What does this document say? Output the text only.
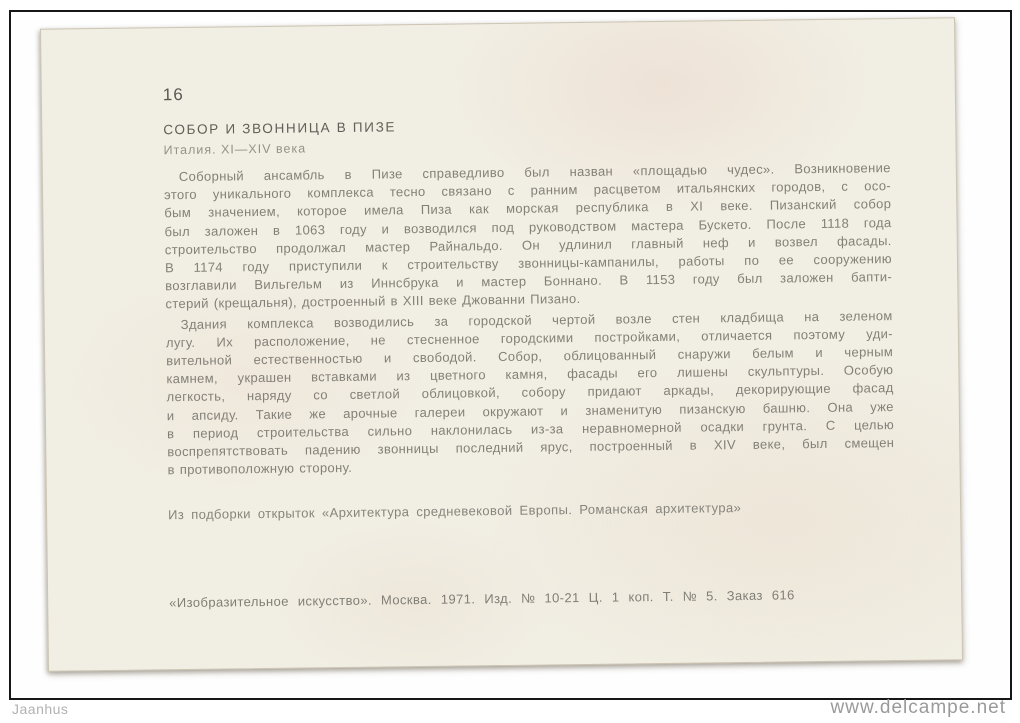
16
СОБОР И ЗВОННИЦА В ПИЗЕ
Италия. XI—XIV века
Соборный ансамбль в Пизе справедливо был назван «площадью чудес». Возникновение
этого уникального комплекса тесно связано с ранним расцветом итальянских городов, с осо-
бым значением, которое имела Пиза как морская республика в XI веке. Пизанский собор
был заложен в 1063 году и возводился под руководством мастера Бускето. После 1118 года
строительство продолжал мастер Райнальдо. Он удлинил главный неф и возвел фасады.
В 1174 году приступили к строительству звонницы-кампанилы, работы по ее сооружению
возглавили Вильгельм из Иннсбрука и мастер Боннано. В 1153 году был заложен бапти-
стерий (крещальня), достроенный в XIII веке Джованни Пизано.
Здания комплекса возводились за городской чертой возле стен кладбища на зеленом
лугу. Их расположение, не стесненное городскими постройками, отличается поэтому уди-
вительной естественностью и свободой. Собор, облицованный снаружи белым и черным
камнем, украшен вставками из цветного камня, фасады его лишены скульптуры. Особую
легкость, наряду со светлой облицовкой, собору придают аркады, декорирующие фасад
и апсиду. Такие же арочные галереи окружают и знаменитую пизанскую башню. Она уже
в период строительства сильно наклонилась из-за неравномерной осадки грунта. С целью
воспрепятствовать падению звонницы последний ярус, построенный в XIV веке, был смещен
в противоположную сторону.
Из подборки открыток «Архитектура средневековой Европы. Романская архитектура»
«Изобразительное искусство». Москва. 1971. Изд. № 10-21 Ц. 1 коп. Т. № 5. Заказ 616
Jaanhus	www.delcampe.net
